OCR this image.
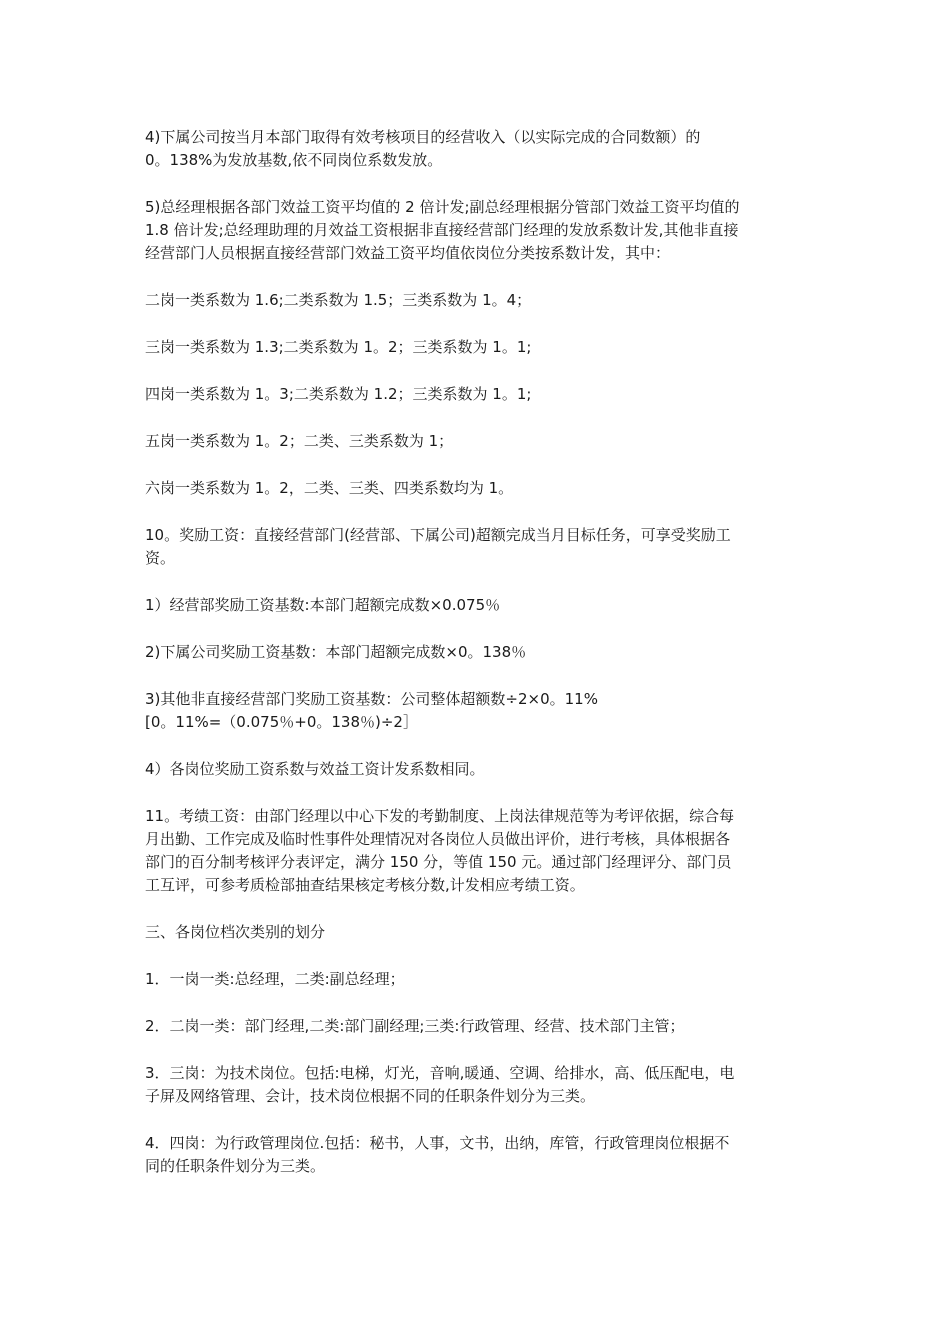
4)下属公司按当月本部门取得有效考核项目的经营收入（以实际完成的合同数额）的
0。138%为发放基数,依不同岗位系数发放。

5)总经理根据各部门效益工资平均值的 2 倍计发;副总经理根据分管部门效益工资平均值的
1.8 倍计发;总经理助理的月效益工资根据非直接经营部门经理的发放系数计发,其他非直接
经营部门人员根据直接经营部门效益工资平均值依岗位分类按系数计发，其中：

二岗一类系数为 1.6;二类系数为 1.5；三类系数为 1。4；

三岗一类系数为 1.3;二类系数为 1。2；三类系数为 1。1;

四岗一类系数为 1。3;二类系数为 1.2；三类系数为 1。1;

五岗一类系数为 1。2；二类、三类系数为 1；

六岗一类系数为 1。2，二类、三类、四类系数均为 1。

10。奖励工资：直接经营部门(经营部、下属公司)超额完成当月目标任务，可享受奖励工
资。

1）经营部奖励工资基数:本部门超额完成数×0.075％

2)下属公司奖励工资基数：本部门超额完成数×0。138％

3)其他非直接经营部门奖励工资基数：公司整体超额数÷2×0。11%
[0。11%=（0.075％+0。138％)÷2］

4）各岗位奖励工资系数与效益工资计发系数相同。

11。考绩工资：由部门经理以中心下发的考勤制度、上岗法律规范等为考评依据，综合每
月出勤、工作完成及临时性事件处理情况对各岗位人员做出评价，进行考核，具体根据各
部门的百分制考核评分表评定，满分 150 分，等值 150 元。通过部门经理评分、部门员
工互评，可参考质检部抽查结果核定考核分数,计发相应考绩工资。

三、各岗位档次类别的划分

1．一岗一类:总经理，二类:副总经理；

2．二岗一类：部门经理,二类:部门副经理;三类:行政管理、经营、技术部门主管；

3．三岗：为技术岗位。包括:电梯，灯光，音响,暖通、空调、给排水，高、低压配电，电
子屏及网络管理、会计，技术岗位根据不同的任职条件划分为三类。

4．四岗：为行政管理岗位.包括：秘书，人事，文书，出纳，库管，行政管理岗位根据不
同的任职条件划分为三类。
